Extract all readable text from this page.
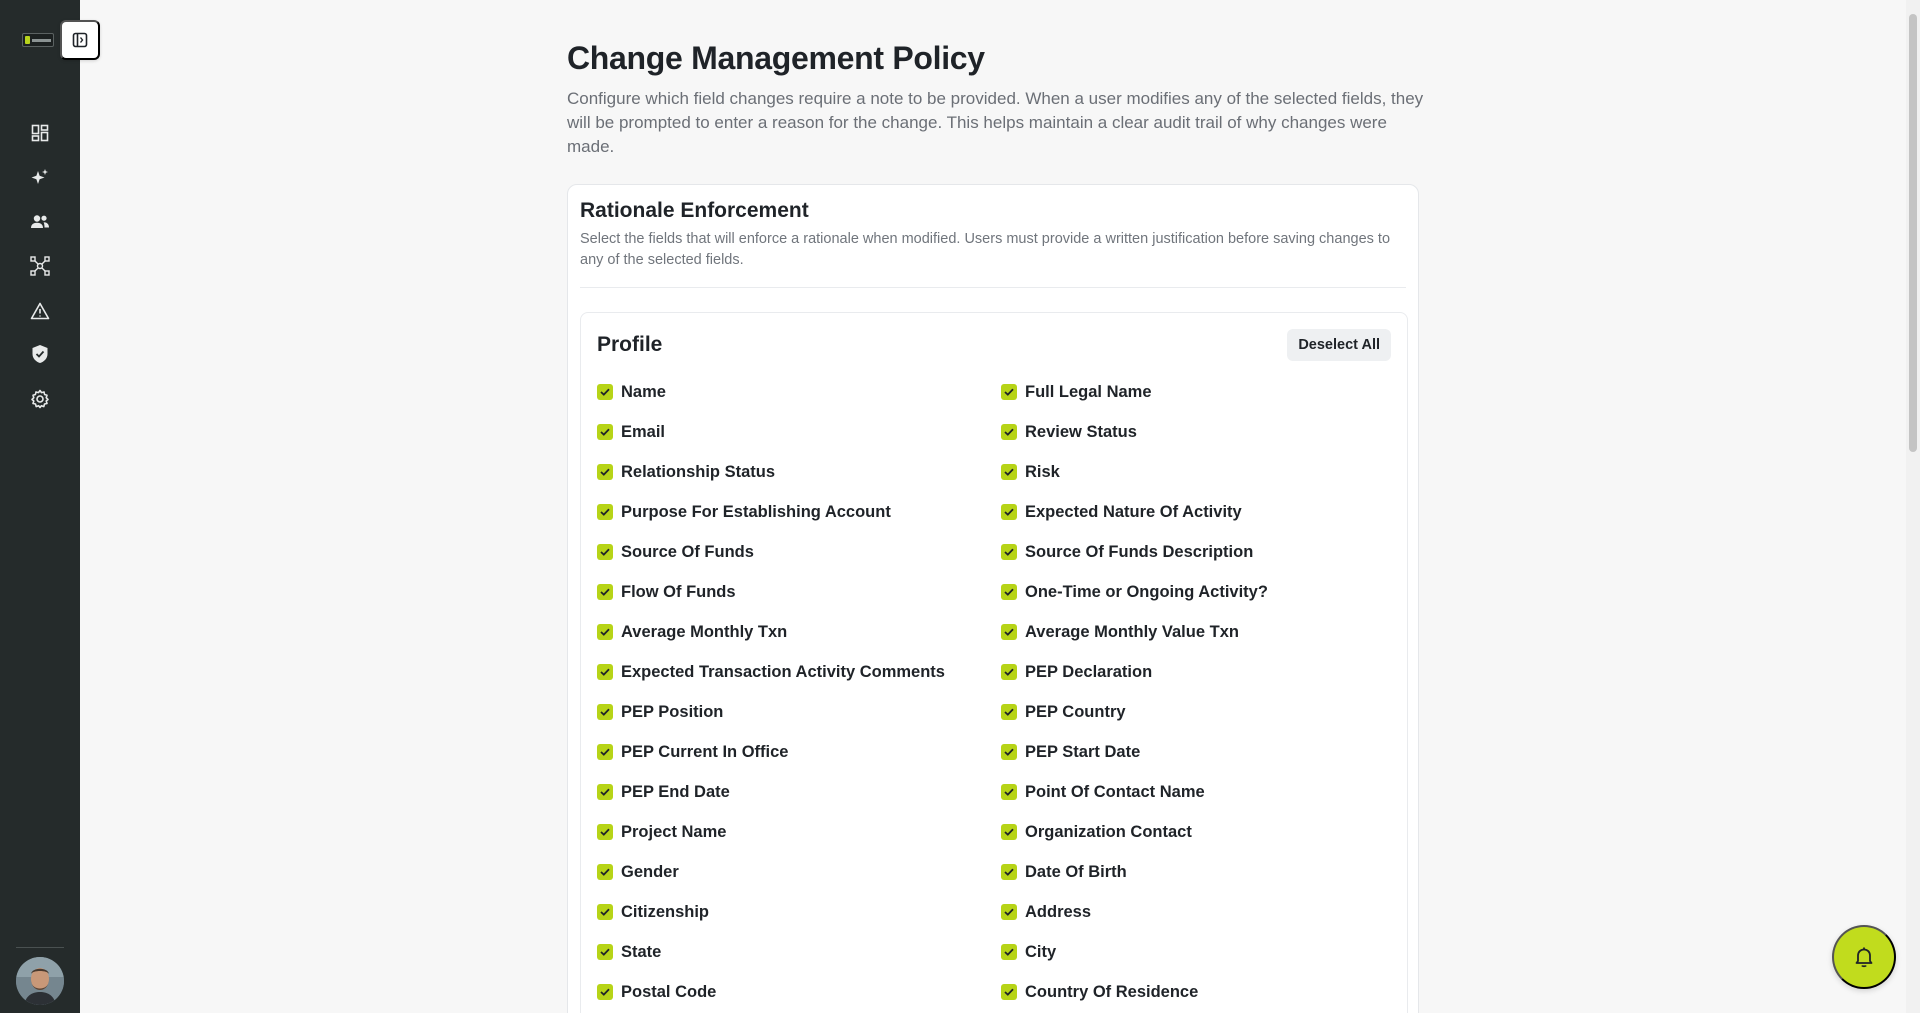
Change Management Policy

Configure which field changes require a note to be provided. When a user modifies any of the selected fields, they will be prompted to enter a reason for the change. This helps maintain a clear audit trail of why changes were made.

Rationale Enforcement

Select the fields that will enforce a rationale when modified. Users must provide a written justification before saving changes to any of the selected fields.

Profile	Deselect All
Name	Full Legal Name
Email	Review Status
Relationship Status	Risk
Purpose For Establishing Account	Expected Nature Of Activity
Source Of Funds	Source Of Funds Description
Flow Of Funds	One-Time or Ongoing Activity?
Average Monthly Txn	Average Monthly Value Txn
Expected Transaction Activity Comments	PEP Declaration
PEP Position	PEP Country
PEP Current In Office	PEP Start Date
PEP End Date	Point Of Contact Name
Project Name	Organization Contact
Gender	Date Of Birth
Citizenship	Address
State	City
Postal Code	Country Of Residence
